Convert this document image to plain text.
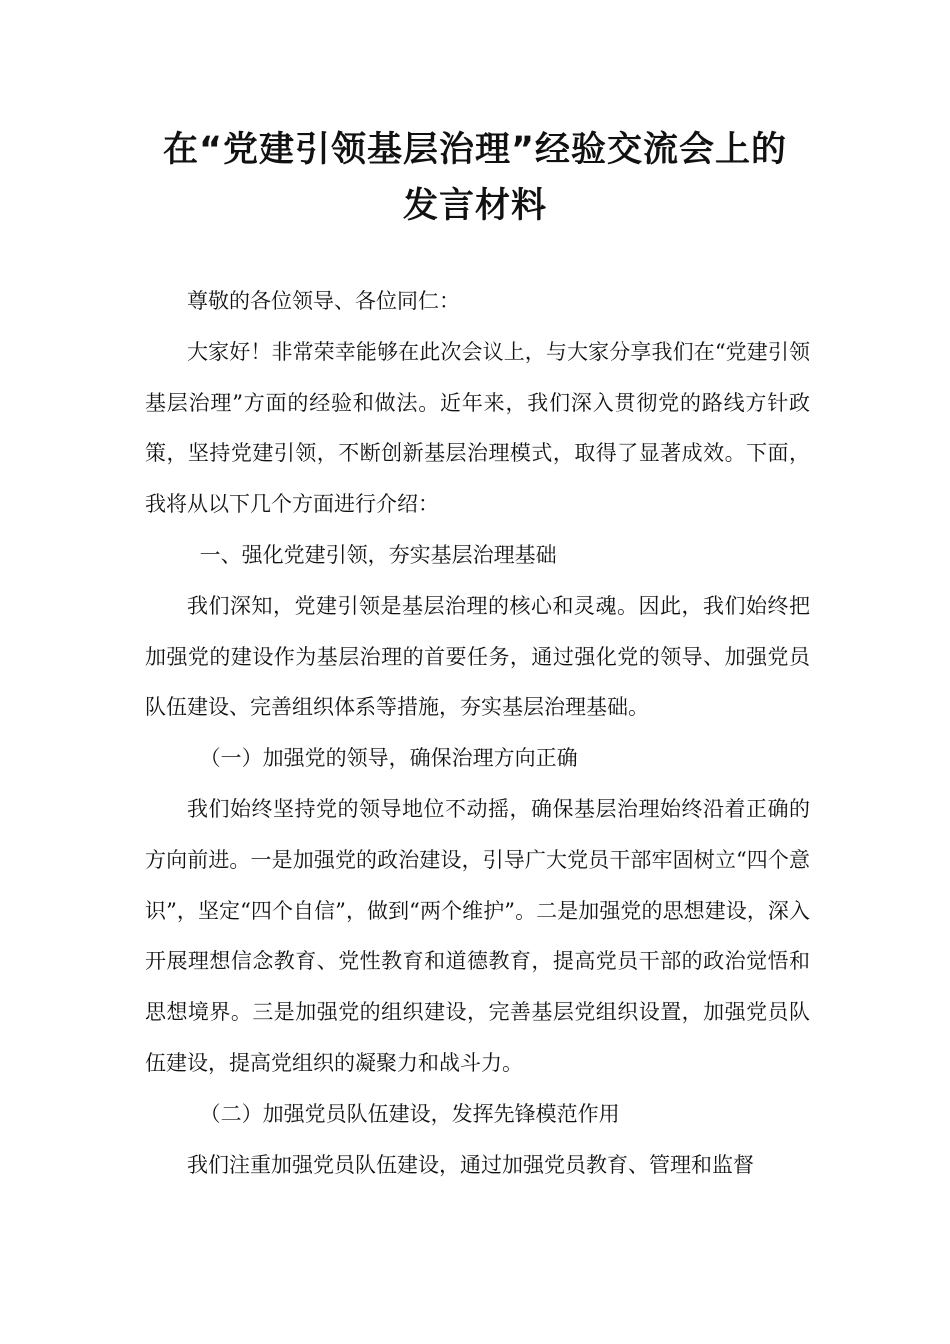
在“党建引领基层治理”经验交流会上的
发言材料

尊敬的各位领导、各位同仁：

大家好！非常荣幸能够在此次会议上，与大家分享我们在“党建引领基层治理”方面的经验和做法。近年来，我们深入贯彻党的路线方针政策，坚持党建引领，不断创新基层治理模式，取得了显著成效。下面，我将从以下几个方面进行介绍：

一、强化党建引领，夯实基层治理基础

我们深知，党建引领是基层治理的核心和灵魂。因此，我们始终把加强党的建设作为基层治理的首要任务，通过强化党的领导、加强党员队伍建设、完善组织体系等措施，夯实基层治理基础。

（一）加强党的领导，确保治理方向正确

我们始终坚持党的领导地位不动摇，确保基层治理始终沿着正确的方向前进。一是加强党的政治建设，引导广大党员干部牢固树立“四个意识”，坚定“四个自信”，做到“两个维护”。二是加强党的思想建设，深入开展理想信念教育、党性教育和道德教育，提高党员干部的政治觉悟和思想境界。三是加强党的组织建设，完善基层党组织设置，加强党员队伍建设，提高党组织的凝聚力和战斗力。

（二）加强党员队伍建设，发挥先锋模范作用

我们注重加强党员队伍建设，通过加强党员教育、管理和监督
